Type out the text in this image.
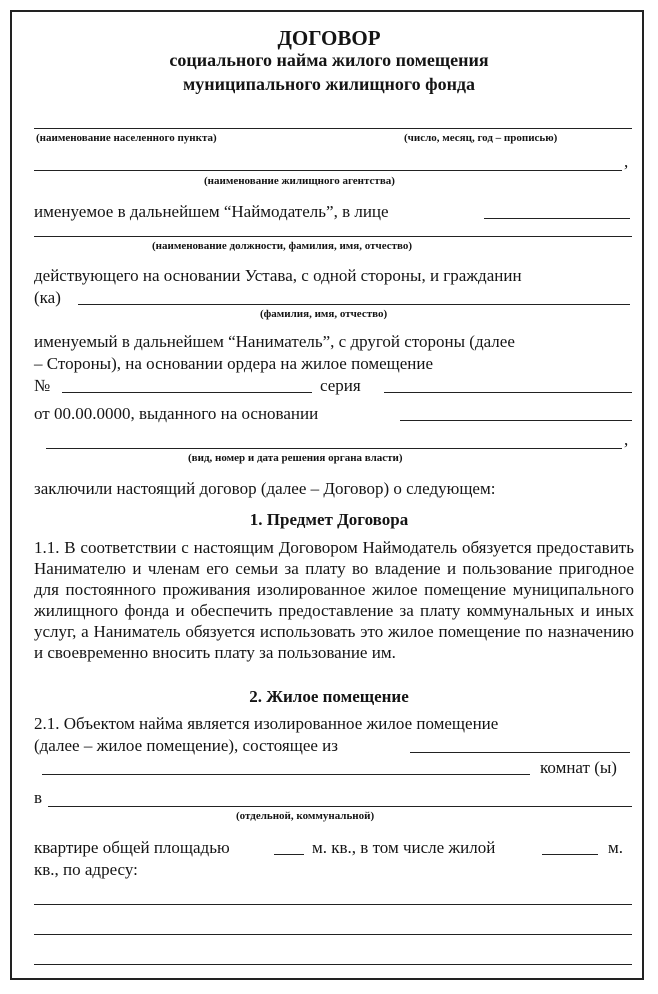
ДОГОВОР
социального найма жилого помещения
муниципального жилищного фонда
(наименование населенного пункта)	(число, месяц, год – прописью)
,
(наименование жилищного агентства)
именуемое в дальнейшем “Наймодатель”, в лице
(наименование должности, фамилия, имя, отчество)
действующего на основании Устава, с одной стороны, и гражданин
(ка)
(фамилия, имя, отчество)
именуемый в дальнейшем “Наниматель”, с другой стороны (далее
– Стороны), на основании ордера на жилое помещение
№	серия
от 00.00.0000, выданного на основании
,
(вид, номер и дата решения органа власти)
заключили настоящий договор (далее – Договор) о следующем:
1. Предмет Договора
1.1. В соответствии с настоящим Договором Наймодатель обязуется предоставить Нанимателю и членам его семьи за плату во владение и пользование пригодное для постоянного проживания изолированное жилое помещение муниципального жилищного фонда и обеспечить предоставление за плату коммунальных и иных услуг, а Наниматель обязуется использовать это жилое помещение по назначению и своевременно вносить плату за пользование им.
2. Жилое помещение
2.1. Объектом найма является изолированное жилое помещение
(далее – жилое помещение), состоящее из
комнат (ы)
в
(отдельной, коммунальной)
квартире общей площадью	м. кв., в том числе жилой	м.
кв., по адресу:
